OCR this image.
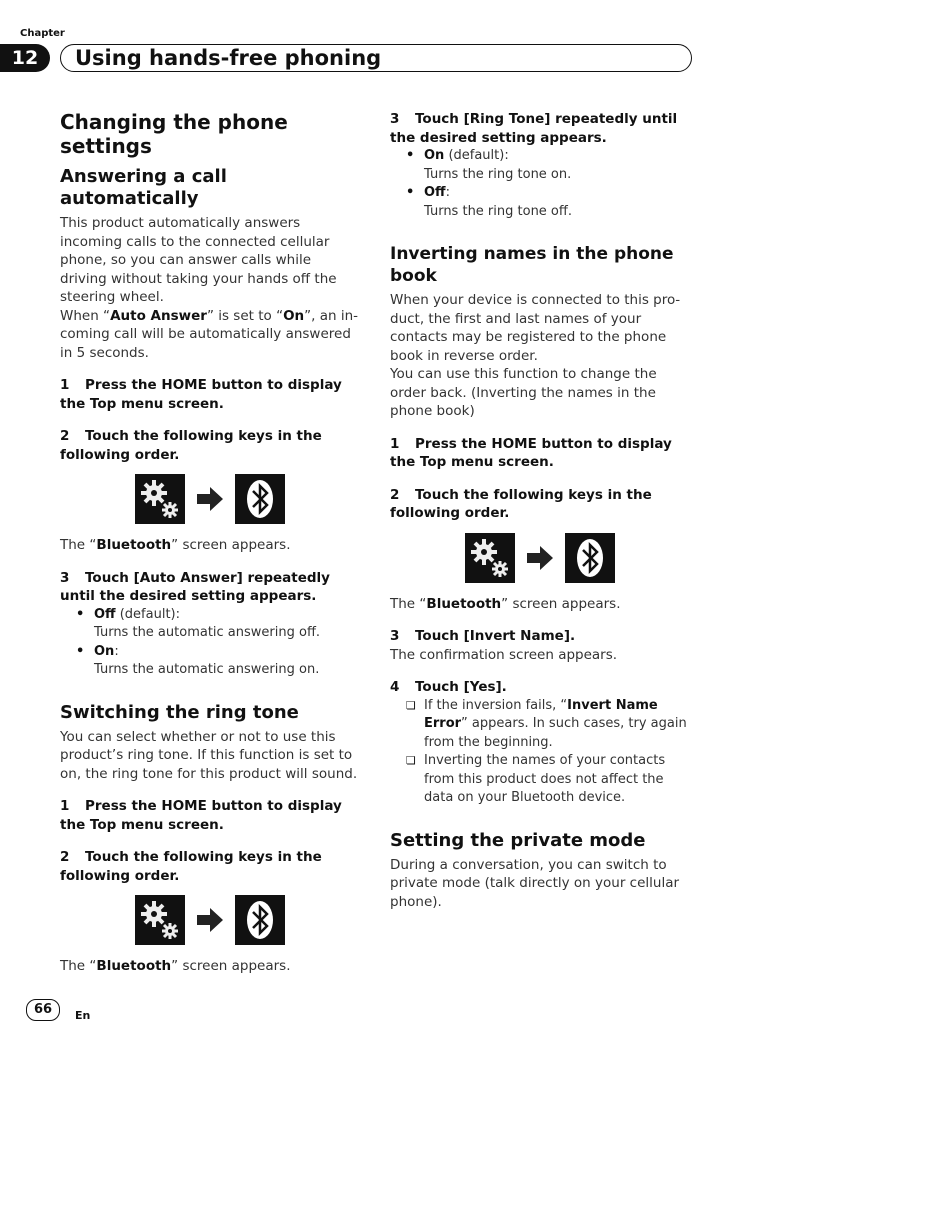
Chapter
12	Using hands-free phoning
Changing the phone settings
Answering a call automatically

This product automatically answers incoming calls to the connected cellular phone, so you can answer calls while driving without taking your hands off the steering wheel.

When “Auto Answer” is set to “On”, an incoming call will be automatically answered in 5 seconds.

1 Press the HOME button to display the Top menu screen.

2 Touch the following keys in the following order.

The “Bluetooth” screen appears.

3 Touch [Auto Answer] repeatedly until the desired setting appears.

• Off (default):
Turns the automatic answering off.
• On:
Turns the automatic answering on.
Switching the ring tone

You can select whether or not to use this product’s ring tone. If this function is set to on, the ring tone for this product will sound.

1 Press the HOME button to display the Top menu screen.

2 Touch the following keys in the following order.

The “Bluetooth” screen appears.

3 Touch [Ring Tone] repeatedly until the desired setting appears.

• On (default):
Turns the ring tone on.
• Off:
Turns the ring tone off.
Inverting names in the phone book

When your device is connected to this product, the first and last names of your contacts may be registered to the phone book in reverse order.

You can use this function to change the order back. (Inverting the names in the phone book)

1 Press the HOME button to display the Top menu screen.

2 Touch the following keys in the following order.

The “Bluetooth” screen appears.

3 Touch [Invert Name].

The confirmation screen appears.

4 Touch [Yes].

❏ If the inversion fails, “Invert Name Error” appears. In such cases, try again from the beginning.
❏ Inverting the names of your contacts from this product does not affect the data on your Bluetooth device.
Setting the private mode

During a conversation, you can switch to private mode (talk directly on your cellular phone).

66	En
